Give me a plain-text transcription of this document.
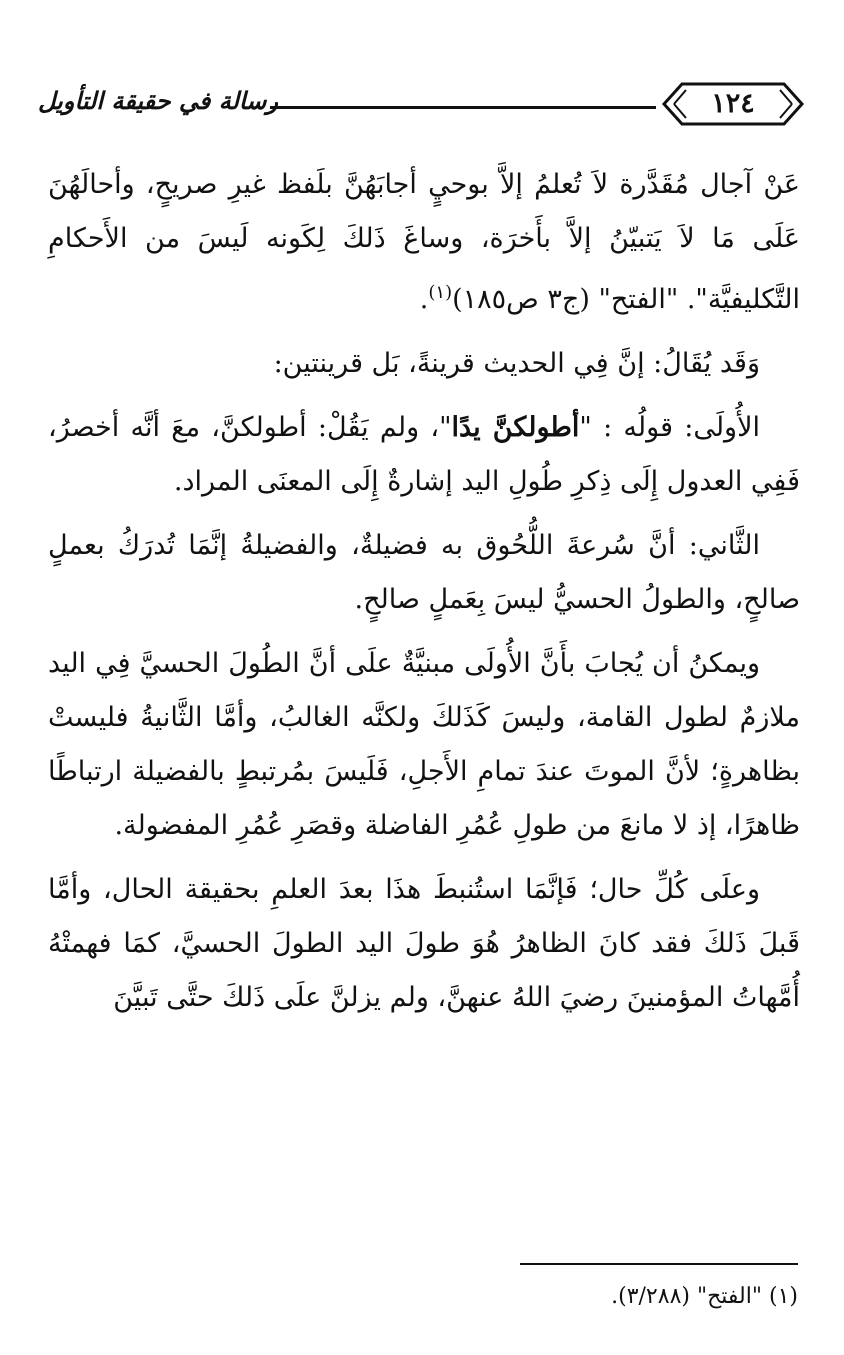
رسالة في حقيقة التأويل	١٢٤

عَنْ آجال مُقَدَّرة لاَ تُعلمُ إلاَّ بوحيٍ أجابَهُنَّ بلَفظ غيرِ صريحٍ، وأحالَهُنَ عَلَى مَا لاَ يَتبيّنُ إلاَّ بأَخرَة، وساغَ ذَلكَ لِكَونه لَيسَ من الأَحكامِ التَّكليفيَّة". "الفتح" (ج٣ ص١٨٥)$^{(١)}$.

وَقَد يُقَالُ: إنَّ فِي الحديث قرينةً، بَل قرينتين:

الأُولَى: قولُه : "أطولكنَّ يدًا"، ولم يَقُلْ: أطولكنَّ، معَ أنَّه أخصرُ، فَفِي العدول إِلَى ذِكرِ طُولِ اليد إشارةٌ إِلَى المعنَى المراد.

الثَّاني: أنَّ سُرعةَ اللُّحُوق به فضيلةٌ، والفضيلةُ إنَّمَا تُدرَكُ بعملٍ صالحٍ، والطولُ الحسيُّ ليسَ بِعَملٍ صالحٍ.

ويمكنُ أن يُجابَ بأَنَّ الأُولَى مبنيَّةٌ علَى أنَّ الطُولَ الحسيَّ فِي اليد ملازمٌ لطول القامة، وليسَ كَذَلكَ ولكنَّه الغالبُ، وأمَّا الثَّانيةُ فليستْ بظاهرةٍ؛ لأنَّ الموتَ عندَ تمامِ الأَجلِ، فَلَيسَ بمُرتبطٍ بالفضيلة ارتباطًا ظاهرًا، إذ لا مانعَ من طولِ عُمُرِ الفاضلة وقصَرِ عُمُرِ المفضولة.

وعلَى كُلِّ حال؛ فَإنَّمَا استُنبطَ هذَا بعدَ العلمِ بحقيقة الحال، وأمَّا قَبلَ ذَلكَ فقد كانَ الظاهرُ هُوَ طولَ اليد الطولَ الحسيَّ، كمَا فهمتْهُ أُمَّهاتُ المؤمنينَ رضيَ اللهُ عنهنَّ، ولم يزلنَّ علَى ذَلكَ حتَّى تَبيَّنَ

(١) "الفتح" (٣/٢٨٨).
